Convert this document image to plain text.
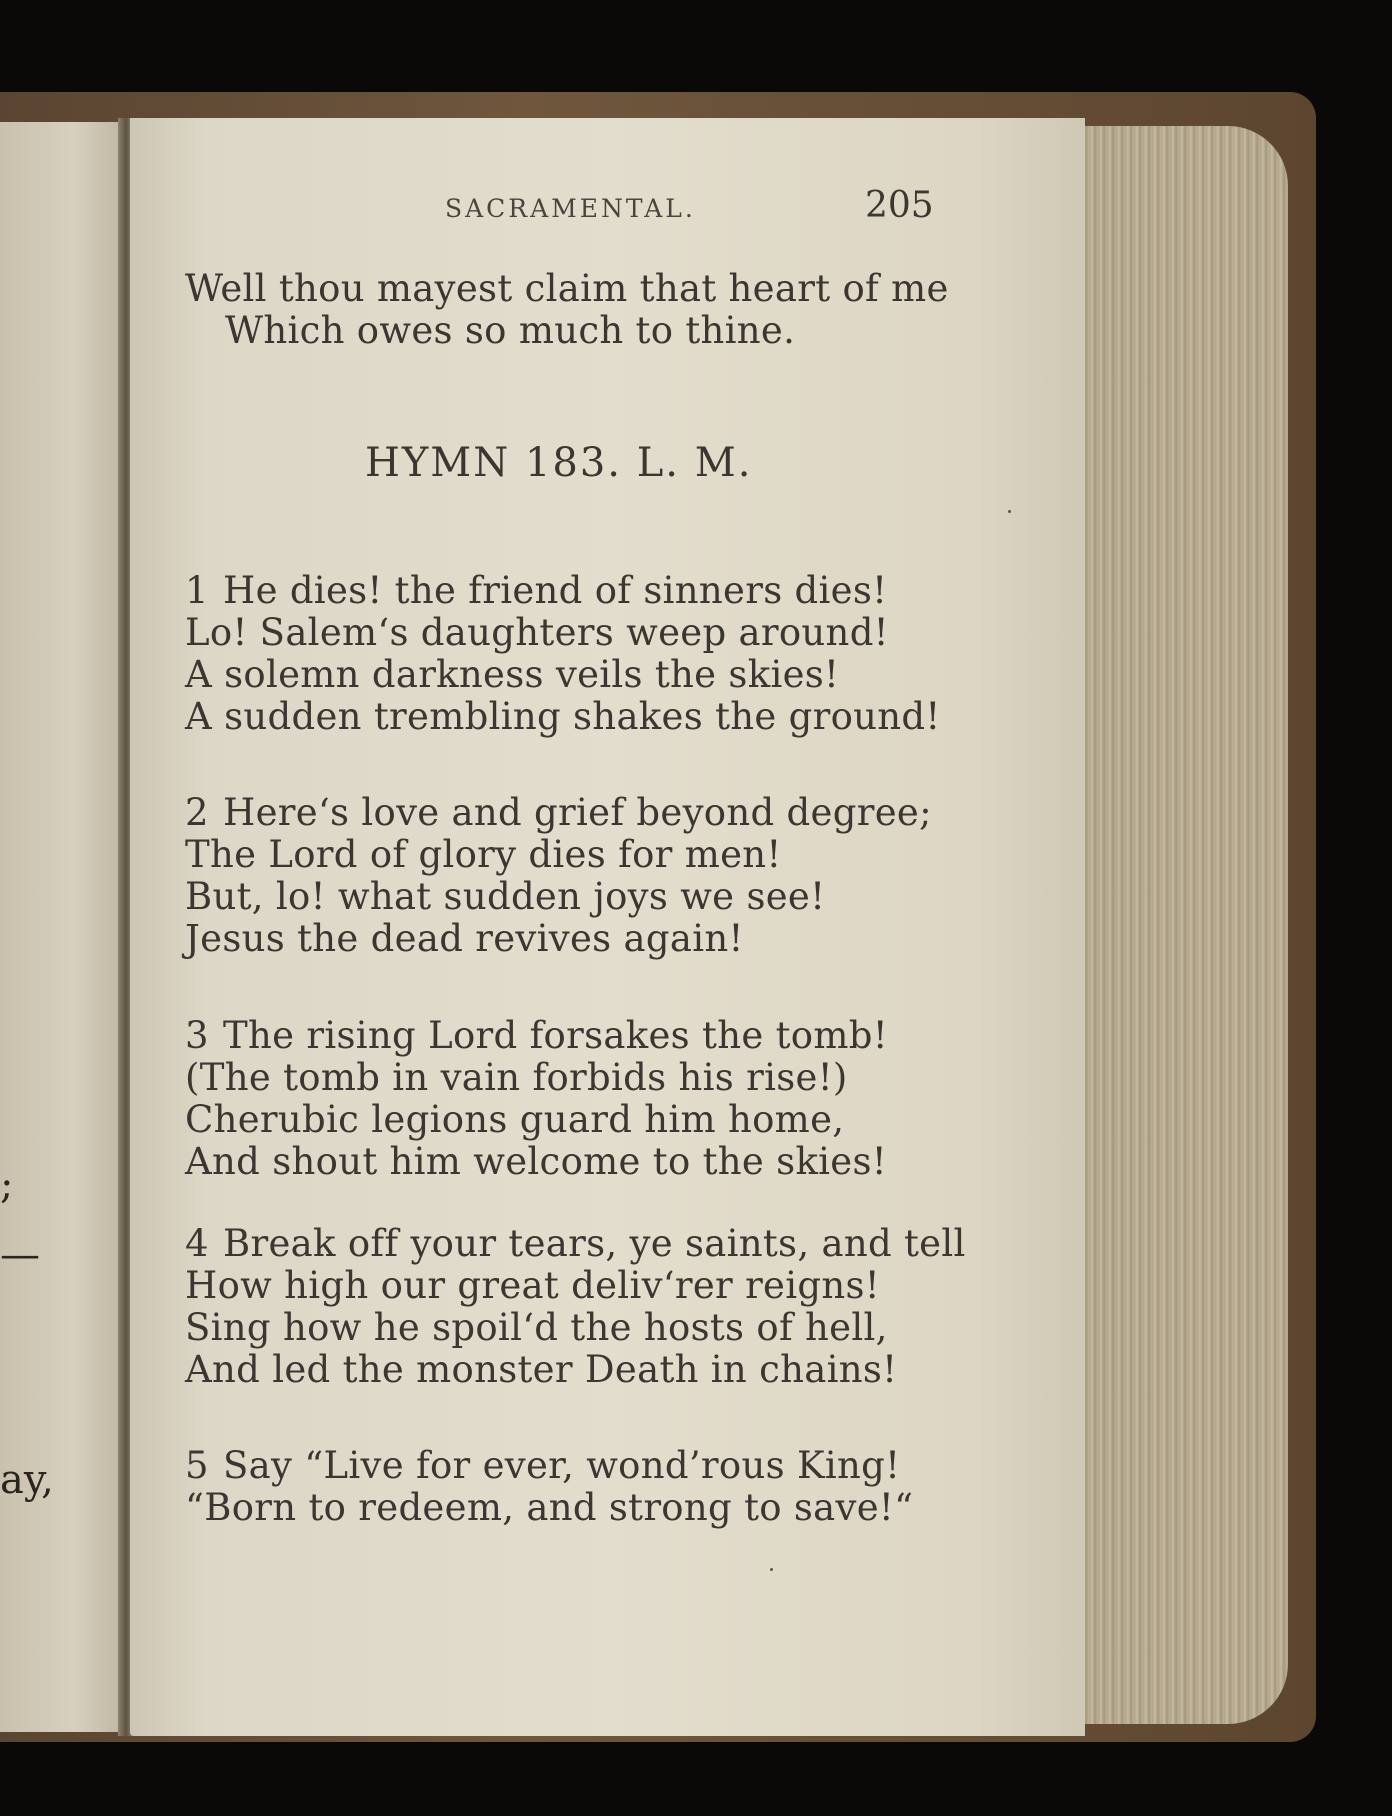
;
—
ay,
SACRAMENTAL.	205
Well thou mayest claim that heart of me
Which owes so much to thine.
HYMN 183. L. M.
1 He dies! the friend of sinners dies!
Lo! Salem‘s daughters weep around!
A solemn darkness veils the skies!
A sudden trembling shakes the ground!
2 Here‘s love and grief beyond degree;
The Lord of glory dies for men!
But, lo! what sudden joys we see!
Jesus the dead revives again!
3 The rising Lord forsakes the tomb!
(The tomb in vain forbids his rise!)
Cherubic legions guard him home,
And shout him welcome to the skies!
4 Break off your tears, ye saints, and tell
How high our great deliv‘rer reigns!
Sing how he spoil‘d the hosts of hell,
And led the monster Death in chains!
5 Say “Live for ever, wond’rous King!
“Born to redeem, and strong to save!“
